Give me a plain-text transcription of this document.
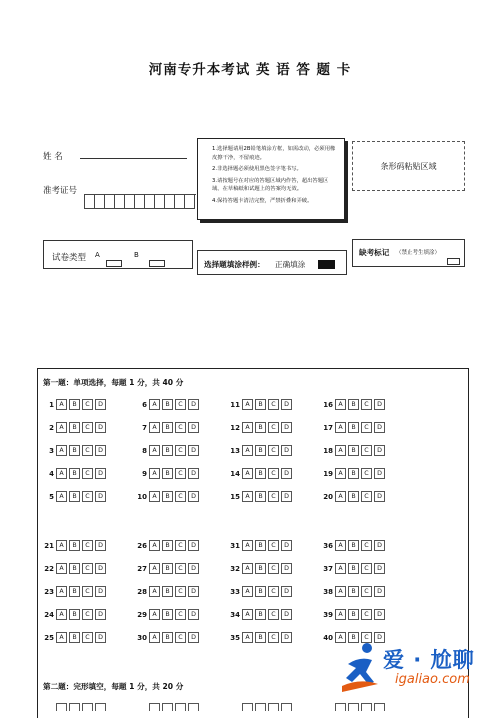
河南专升本考试 英 语 答 题 卡
姓 名
准考证号

1.选择题请用2B铅笔填涂方框，如需改动，必须用橡皮擦干净，不留痕迹。

2.非选择题必须使用黑色签字笔书写。

3.请按题号在对应的答题区域内作答，超出答题区域、在草稿纸和试题上的答案均无效。

4.保持答题卡清洁完整，严禁折叠和弄破。

条形码粘贴区域
试卷类型 A	B
选择题填涂样例： 正确填涂
缺考标记 （禁止考生填涂）
第一题：单项选择，每题 1 分，共 40 分
1 A	B	C	D	6 A	B	C	D	11 A	B	C	D	16 A	B	C	D
2 A	B	C	D	7 A	B	C	D	12 A	B	C	D	17 A	B	C	D
3 A	B	C	D	8 A	B	C	D	13 A	B	C	D	18 A	B	C	D
4 A	B	C	D	9 A	B	C	D	14 A	B	C	D	19 A	B	C	D
5 A	B	C	D	10 A	B	C	D	15 A	B	C	D	20 A	B	C	D
21 A	B	C	D	26 A	B	C	D	31 A	B	C	D	36 A	B	C	D
22 A	B	C	D	27 A	B	C	D	32 A	B	C	D	37 A	B	C	D
23 A	B	C	D	28 A	B	C	D	33 A	B	C	D	38 A	B	C	D
24 A	B	C	D	29 A	B	C	D	34 A	B	C	D	39 A	B	C	D
25 A	B	C	D	30 A	B	C	D	35 A	B	C	D	40 A	B	C	D
第二题：完形填空，每题 1 分，共 20 分
爱 · 尬聊
igaliao.com
